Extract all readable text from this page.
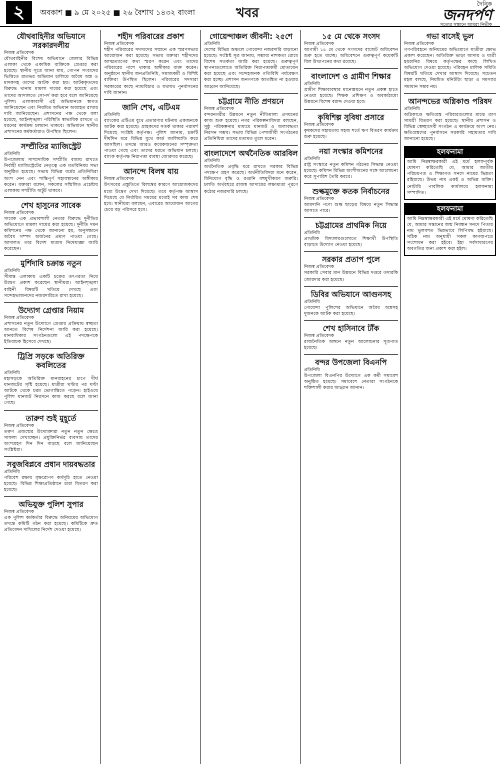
২	অবকাশ ■ ৯ মে ২০২৫ ■ ২৬ বৈশাখ ১৪৩২ বাংলা	খবর
দৈনিক
জনদর্পণ
সত্যের সন্ধানে আমরা নির্ভীক
যৌথবাহিনীর অভিযানে সরকারদলীয়
নিজস্ব প্রতিবেদক

যৌথবাহিনীর বিশেষ অভিযানে জেলার বিভিন্ন এলাকা থেকে একাধিক ব্যক্তিকে গ্রেপ্তার করা হয়েছে। স্থানীয় সূত্রে জানা যায়, গোপন সংবাদের ভিত্তিতে রাতভর অভিযান চালিয়ে অবৈধ অস্ত্র ও মাদকসহ তাদের আটক করা হয়। আটককৃতদের বিরুদ্ধে থানায় মামলা দায়ের করা হয়েছে এবং তাদের আদালতে সোপর্দ করা হবে বলে জানিয়েছে পুলিশ। এলাকাবাসী এই অভিযানকে স্বাগত জানিয়েছেন এবং নিয়মিত অভিযান অব্যাহত রাখার দাবি জানিয়েছেন। প্রশাসনের পক্ষ থেকে বলা হয়েছে, আইনশৃঙ্খলা পরিস্থিতি স্বাভাবিক রাখতে এ ধরনের কার্যক্রম চলমান থাকবে। অভিযানে স্থানীয় প্রশাসনের কর্মকর্তারাও উপস্থিত ছিলেন।

সম্প্রীতির ম্যাজিস্ট্রেট
প্রতিনিধি

উপজেলায় সাম্প্রদায়িক সম্প্রীতি বজায় রাখতে নির্বাহী ম্যাজিস্ট্রেটের নেতৃত্বে এক মতবিনিময় সভা অনুষ্ঠিত হয়েছে। সভায় বিভিন্ন ধর্মের প্রতিনিধিরা অংশ নেন এবং শান্তিপূর্ণ সহাবস্থানের অঙ্গীকার করেন। বক্তারা বলেন, সকলের সম্মিলিত প্রচেষ্টায় এলাকায় সম্প্রীতি অটুট থাকবে।

শেখ হাসুনের সাবেক
নিজস্ব প্রতিবেদক

সাবেক এক প্রভাবশালী নেতার বিরুদ্ধে দুর্নীতির অভিযোগে মামলা দায়ের করা হয়েছে। দুর্নীতি দমন কমিশনের পক্ষ থেকে জানানো হয়, অনুসন্ধানে অবৈধ সম্পদ অর্জনের প্রমাণ পাওয়া গেছে। আদালত তার বিদেশ যাত্রায় নিষেধাজ্ঞা জারি করেছেন।

মুর্শিদাবি চক্রান্ত নতুন
প্রতিনিধি

সীমান্ত এলাকায় একটি চক্রের তৎপরতা নিয়ে উদ্বেগ প্রকাশ করেছেন স্থানীয়রা। আইনশৃঙ্খলা বাহিনী বিষয়টি খতিয়ে দেখছে এবং সন্দেহভাজনদের নজরদারিতে রাখা হয়েছে।

উদ্যোগ গ্রেপ্তার নিয়াম
নিজস্ব প্রতিবেদক

প্রশাসনের নতুন উদ্যোগে গ্রেপ্তার প্রক্রিয়ায় স্বচ্ছতা আনতে বিশেষ নির্দেশনা জারি করা হয়েছে। মানবাধিকার সংগঠনগুলো এই পদক্ষেপকে ইতিবাচক হিসেবে দেখছে।

ট্রিপ্রি সড়কে অতিরিক্ত কবলিতের
প্রতিনিধি

মহাসড়কে অতিরিক্ত যানবাহনের চাপে দীর্ঘ যানজটের সৃষ্টি হয়েছে। যাত্রীরা ঘণ্টার পর ঘণ্টা আটকে থেকে চরম ভোগান্তিতে পড়েন। হাইওয়ে পুলিশ যানজট নিরসনে কাজ করছে বলে জানা গেছে।

তারুণ শুই মুহূর্তে
নিজস্ব প্রতিবেদক

তরুণ প্রজন্মের উদ্যোক্তারা নতুন নতুন ক্ষেত্রে সাফল্য দেখাচ্ছেন। প্রযুক্তিনির্ভর ব্যবসায় তাদের অংশগ্রহণ দিন দিন বাড়ছে বলে জানিয়েছেন সংশ্লিষ্টরা।

সবুজবিপ্লবে প্রধান দায়বদ্ধতার
প্রতিনিধি

পরিবেশ রক্ষায় বৃক্ষরোপণ কর্মসূচি হাতে নেওয়া হয়েছে। বিভিন্ন শিক্ষাপ্রতিষ্ঠানে চারা বিতরণ করা হয়েছে।

অভিযুক্ত পুলিশ সুপার
নিজস্ব প্রতিবেদক

এক পুলিশ কর্মকর্তার বিরুদ্ধে অনিয়মের অভিযোগ তদন্তে কমিটি গঠন করা হয়েছে। কমিটিকে দ্রুত প্রতিবেদন দাখিলের নির্দেশ দেওয়া হয়েছে।

শহীদ পরিবারের প্রকাশ
নিজস্ব প্রতিবেদক

শহীদ পরিবারের সদস্যদের সম্মানে এক স্মরণসভার আয়োজন করা হয়েছে। সভায় বক্তারা শহীদদের আত্মত্যাগের কথা স্মরণ করেন এবং তাদের পরিবারের পাশে থাকার অঙ্গীকার ব্যক্ত করেন। অনুষ্ঠানে স্থানীয় জনপ্রতিনিধি, সমাজকর্মী ও বিশিষ্ট ব্যক্তিরা উপস্থিত ছিলেন। পরিবারের সদস্যরা সরকারের কাছে ন্যায়বিচার ও যথাযথ পুনর্বাসনের দাবি জানান।

জানি শেখ, এটিএম
প্রতিনিধি

ব্যাংকের এটিএম বুথে প্রতারণার ঘটনায় একজনকে আটক করা হয়েছে। গ্রাহকদের সতর্ক থাকার পরামর্শ দিয়েছে সংশ্লিষ্ট কর্তৃপক্ষ। পুলিশ জানায়, চক্রটি দীর্ঘদিন ধরে বিভিন্ন বুথে কার্ড জালিয়াতি করে আসছিল। তদন্তে আরও কয়েকজনের সম্পৃক্ততা পাওয়া গেছে এবং তাদের ধরতে অভিযান চলছে। ব্যাংক কর্তৃপক্ষ নিরাপত্তা ব্যবস্থা জোরদার করেছে।

আনন্দে বিলম্ব যায়
নিজস্ব প্রতিবেদক

উৎসবের প্রস্তুতিতে বিলম্বের কারণে আয়োজকদের মধ্যে উদ্বেগ দেখা দিয়েছে। তবে কর্তৃপক্ষ আশ্বাস দিয়েছে যে নির্ধারিত সময়ের মধ্যেই সব কাজ শেষ হবে। স্থানীয়রা বলছেন, এবারের আয়োজন আগের চেয়ে বড় পরিসরে হবে।

গোয়েন্দাঞ্চল জীবনী: ২৫শে
প্রতিনিধি

দেশের বিভিন্ন অঞ্চলে গোয়েন্দা নজরদারি বাড়ানো হয়েছে। সংশ্লিষ্ট সূত্র জানায়, সম্ভাব্য নাশকতা রোধে বিশেষ সতর্কতা জারি করা হয়েছে। গুরুত্বপূর্ণ স্থাপনাগুলোতে অতিরিক্ত নিরাপত্তাকর্মী মোতায়েন করা হয়েছে এবং সন্দেহজনক গতিবিধি পর্যবেক্ষণ করা হচ্ছে। প্রশাসন জনগণকে আতঙ্কিত না হওয়ার আহ্বান জানিয়েছে।

চট্টগ্রামে নীতি প্রণয়নে
নিজস্ব প্রতিবেদক

বন্দরনগরীর উন্নয়নে নতুন নীতিমালা প্রণয়নের কাজ শুরু হয়েছে। নগর পরিকল্পনাবিদরা বলছেন, সুষ্ঠু পরিকল্পনার মাধ্যমে যানজট ও জলাবদ্ধতা নিরসন সম্ভব। সভায় বিভিন্ন পেশাজীবী সংগঠনের প্রতিনিধিরা তাদের মতামত তুলে ধরেন।

বাংলাদেশে অর্থনৈতিক আরবিল
প্রতিনিধি

অর্থনৈতিক প্রবৃদ্ধি ধরে রাখতে সরকার বিভিন্ন পদক্ষেপ গ্রহণ করেছে। অর্থনীতিবিদরা মনে করেন, বিনিয়োগ বৃদ্ধি ও রপ্তানি বহুমুখীকরণ জরুরি। চলতি অর্থবছরে রাজস্ব আদায়ের লক্ষ্যমাত্রা পূরণে কঠোর নজরদারি চলছে।

১৫ মে থেকে সংসদ
নিজস্ব প্রতিবেদক

আগামী ১৫ মে থেকে সংসদের বাজেট অধিবেশন শুরু হতে যাচ্ছে। অধিবেশনে গুরুত্বপূর্ণ কয়েকটি বিল উত্থাপনের কথা রয়েছে।

বাংলাদেশ ও গ্রামীণ শিক্ষার
প্রতিনিধি

গ্রামীণ শিক্ষাব্যবস্থার মানোন্নয়নে নতুন প্রকল্প হাতে নেওয়া হয়েছে। শিক্ষক প্রশিক্ষণ ও অবকাঠামো উন্নয়নে বিশেষ বরাদ্দ দেওয়া হবে।

কৃষিশিল্প সুবিধা প্রসারে
নিজস্ব প্রতিবেদক

কৃষকদের সহায়তায় সহজ শর্তে ঋণ বিতরণ কার্যক্রম শুরু হয়েছে।

নয়া সংস্কার কমিশনের
প্রতিনিধি

রাষ্ট্র সংস্কারে নতুন কমিশন গঠনের সিদ্ধান্ত নেওয়া হয়েছে। কমিশন বিভিন্ন অংশীজনের সঙ্গে আলোচনা করে সুপারিশ তৈরি করবে।

শুল্কমুক্তে কতক নির্বাচনের
নিজস্ব প্রতিবেদক

আমদানি পণ্যে শুল্ক ছাড়ের বিষয়ে নতুন সিদ্ধান্ত আসতে পারে।

চট্টগ্রামের প্রাথমিক নিয়ে
প্রতিনিধি

প্রাথমিক বিদ্যালয়গুলোতে শিক্ষার্থী উপস্থিতি বাড়াতে উদ্যোগ নেওয়া হয়েছে।

সরকার প্রতাপ পুলে
নিজস্ব প্রতিবেদক

সরকারি সেবার মান উন্নয়নে বিভিন্ন দপ্তরে তদারকি জোরদার করা হয়েছে।

ডিবির অভিযানে আগুনসহ
প্রতিনিধি

গোয়েন্দা পুলিশের অভিযানে অবৈধ অস্ত্রসহ দুজনকে আটক করা হয়েছে।

শেখ হাসিনাবে টাঁক
নিজস্ব প্রতিবেদক

রাজনৈতিক অঙ্গনে নতুন আলোচনার সূত্রপাত হয়েছে।

বন্দর উপজেলা বিএনপি
প্রতিনিধি

উপজেলা বিএনপির উদ্যোগে এক কর্মী সমাবেশ অনুষ্ঠিত হয়েছে। সমাবেশে নেতারা সংগঠনকে শক্তিশালী করার আহ্বান জানান।

গভা বাসেই ভুল
নিজস্ব প্রতিবেদক

গণপরিবহনে অনিয়মের অভিযোগে যাত্রীরা ক্ষোভ প্রকাশ করেছেন। অতিরিক্ত ভাড়া আদায় ও যাত্রী হয়রানির বিষয়ে কর্তৃপক্ষের কাছে লিখিত অভিযোগ দেওয়া হয়েছে। পরিবহন মালিক সমিতি বিষয়টি খতিয়ে দেখার আশ্বাস দিয়েছে। সচেতন মহল বলছে, নিয়মিত মনিটরিং ছাড়া এ সমস্যার সমাধান সম্ভব নয়।

আনন্দভের অগ্নিকাণ্ড পরিষদ
প্রতিনিধি

অগ্নিকাণ্ডে ক্ষতিগ্রস্ত পরিবারগুলোর মাঝে ত্রাণ সামগ্রী বিতরণ করা হয়েছে। স্থানীয় প্রশাসন ও বিভিন্ন স্বেচ্ছাসেবী সংগঠন এ কার্যক্রমে অংশ নেয়। ক্ষতিগ্রস্তদের পুনর্বাসনে সরকারি সহায়তার দাবি জানানো হয়েছে।

হলফনামা

আমি নিম্নস্বাক্ষরকারী এই মর্মে হলফপূর্বক ঘোষণা করিতেছি যে, আমার জাতীয় পরিচয়পত্র ও শিক্ষাগত সনদে নামের ভিন্নতা রহিয়াছে। উভয় নাম একই ও অভিন্ন ব্যক্তি। নোটারি পাবলিক কার্যালয়ে হলফনামা সম্পাদিত।

হলফনামা

আমি নিম্নস্বাক্ষরকারী এই মর্মে ঘোষণা করিতেছি যে, আমার সন্তানের জন্ম নিবন্ধন সনদে পিতার নাম ভুলবশত ভিন্নভাবে লিপিবদ্ধ হইয়াছে। সঠিক নাম অনুযায়ী সকল কাগজপত্রে সংশোধন করা হইবে। ইহা সর্বসাধারণের অবগতির জন্য প্রকাশ করা হইল।
